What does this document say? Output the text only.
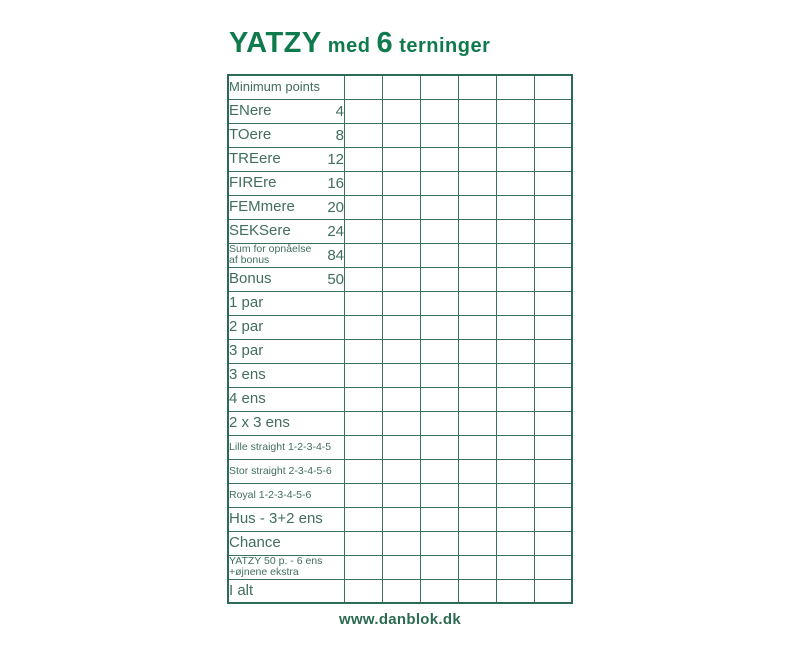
YATZY med 6 terninger
Minimum points						

ENere 4						

TOere 8						

TREere 12						

FIREre 16						

FEMmere 20						

SEKSere 24						

Sum for opnåelse
af bonus 84						

Bonus 50						

1 par						

2 par						

3 par						

3 ens						

4 ens						

2 x 3 ens						

Lille straight 1-2-3-4-5						

Stor straight 2-3-4-5-6						

Royal 1-2-3-4-5-6						

Hus - 3+2 ens						

Chance						

YATZY 50 p. - 6 ens
+øjnene ekstra						

I alt						

www.danblok.dk
